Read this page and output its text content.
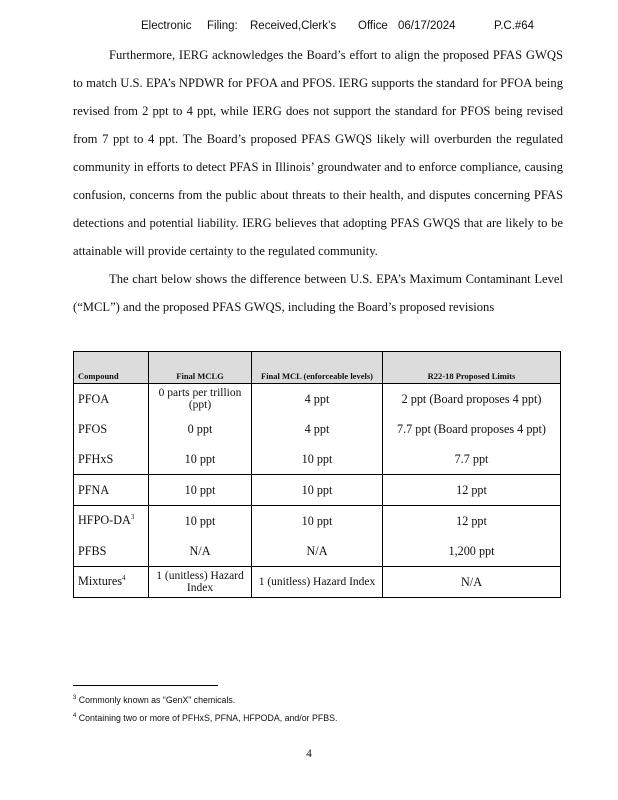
Electronic Filing: Received,Clerk’s Office 06/17/2024	P.C.#64

Furthermore, IERG acknowledges the Board’s effort to align the proposed PFAS GWQS to match U.S. EPA’s NPDWR for PFOA and PFOS. IERG supports the standard for PFOA being revised from 2 ppt to 4 ppt, while IERG does not support the standard for PFOS being revised from 7 ppt to 4 ppt. The Board’s proposed PFAS GWQS likely will overburden the regulated community in efforts to detect PFAS in Illinois’ groundwater and to enforce compliance, causing confusion, concerns from the public about threats to their health, and disputes concerning PFAS detections and potential liability. IERG believes that adopting PFAS GWQS that are likely to be attainable will provide certainty to the regulated community.

The chart below shows the difference between U.S. EPA’s Maximum Contaminant Level (“MCL”) and the proposed PFAS GWQS, including the Board’s proposed revisions

Compound	Final MCLG	Final MCL (enforceable levels)	R22-18 Proposed Limits
PFOA	0 parts per trillion (ppt)	4 ppt	2 ppt (Board proposes 4 ppt)
PFOS	0 ppt	4 ppt	7.7 ppt (Board proposes 4 ppt)
PFHxS	10 ppt	10 ppt	7.7 ppt
PFNA	10 ppt	10 ppt	12 ppt
HFPO-$DA^3$	10 ppt	10 ppt	12 ppt
PFBS	N/A	N/A	1,200 ppt
Mixtures$^4$	1 (unitless) Hazard Index	1 (unitless) Hazard Index	N/A
$^3$ Commonly known as “GenX” chemicals.
$^4$ Containing two or more of PFHxS, PFNA, HFPODA, and/or PFBS.
4
